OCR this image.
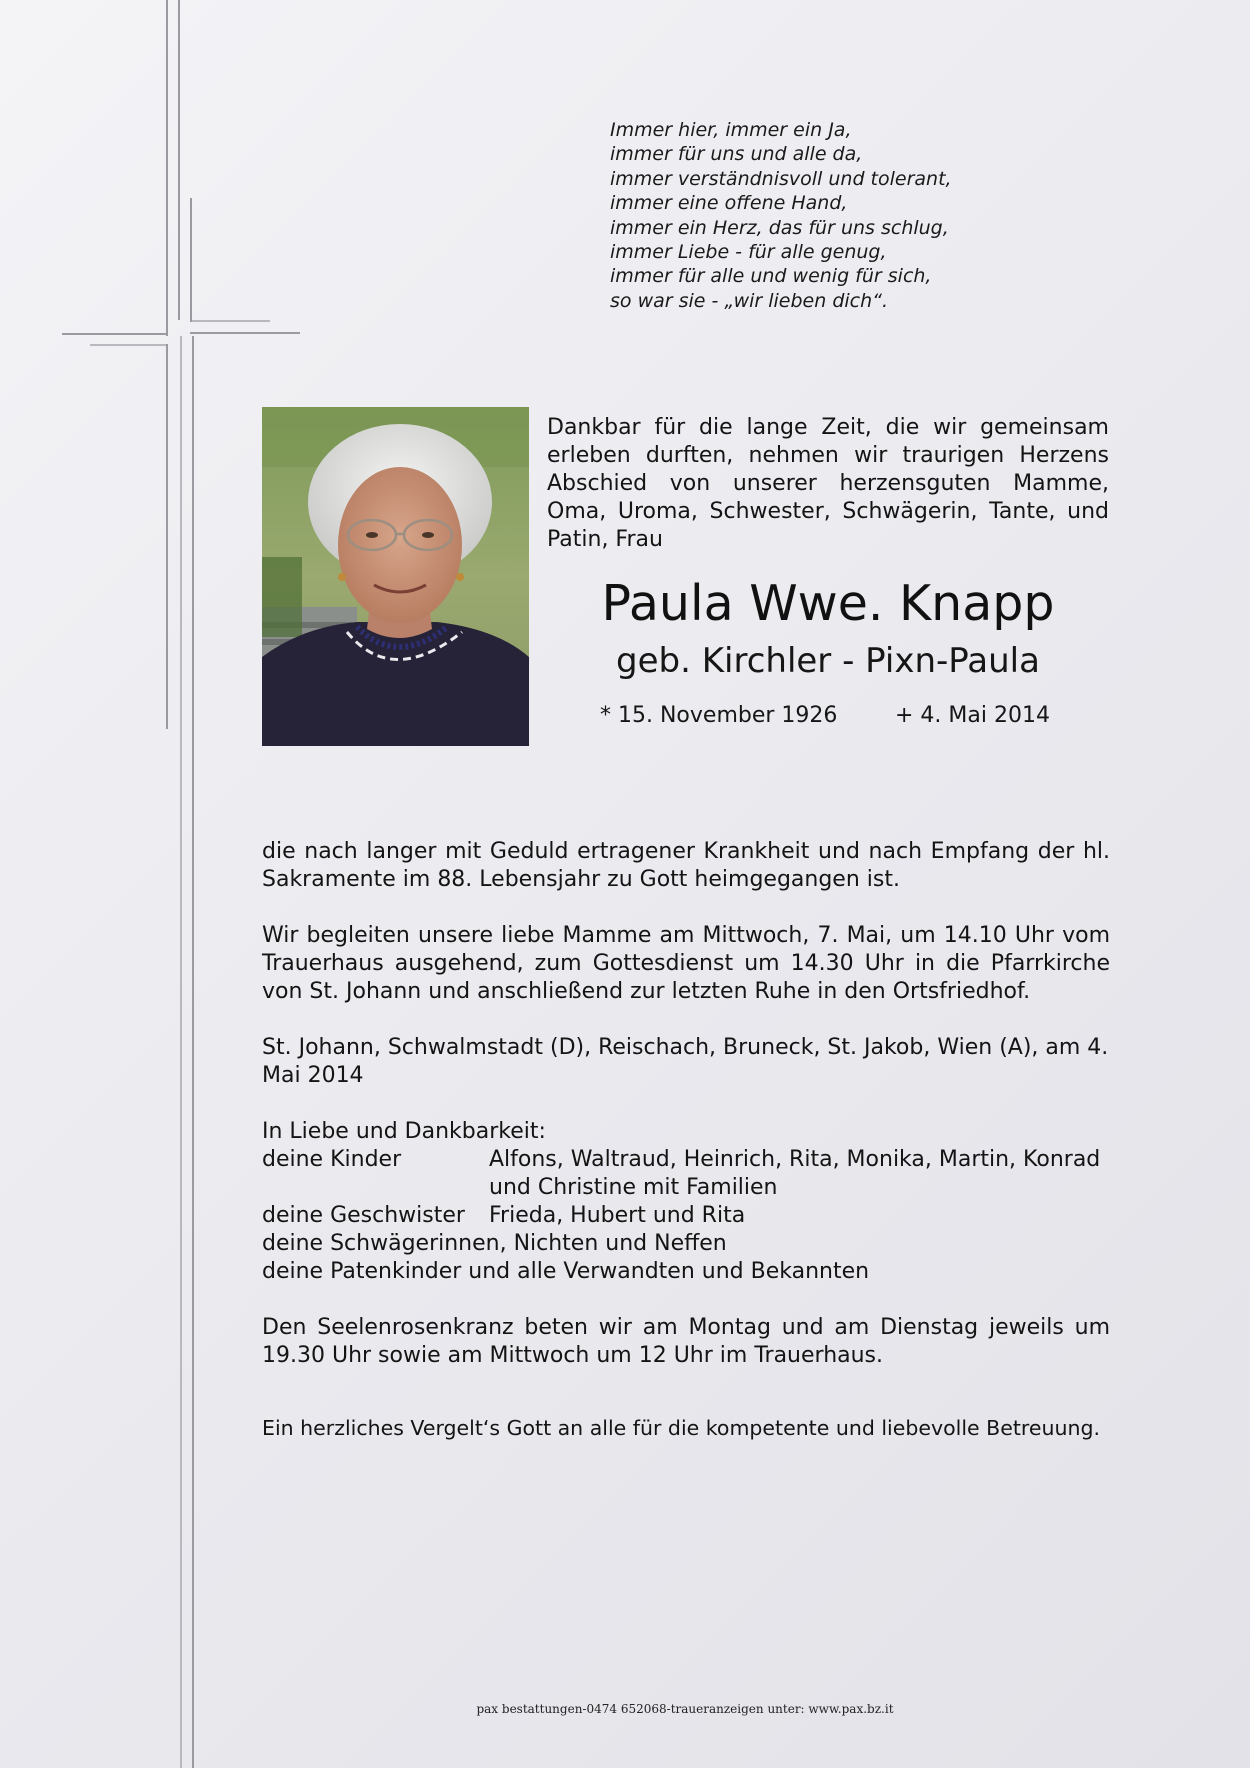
Immer hier, immer ein Ja,
immer für uns und alle da,
immer verständnisvoll und tolerant,
immer eine offene Hand,
immer ein Herz, das für uns schlug,
immer Liebe - für alle genug,
immer für alle und wenig für sich,
so war sie - „wir lieben dich“.
Dankbar für die lange Zeit, die wir gemeinsam erleben durften, nehmen wir traurigen Herzens Abschied von unserer herzensguten Mamme, Oma, Uroma, Schwester, Schwägerin, Tante, und Patin, Frau
Paula Wwe. Knapp
geb. Kirchler - Pixn-Paula
* 15. November 1926	+ 4. Mai 2014

die nach langer mit Geduld ertragener Krankheit und nach Empfang der hl. Sakramente im 88. Lebensjahr zu Gott heimgegangen ist.

Wir begleiten unsere liebe Mamme am Mittwoch, 7. Mai, um 14.10 Uhr vom Trauerhaus ausgehend, zum Gottesdienst um 14.30 Uhr in die Pfarrkirche von St. Johann und anschließend zur letzten Ruhe in den Ortsfriedhof.

St. Johann, Schwalmstadt (D), Reischach, Bruneck, St. Jakob, Wien (A), am 4. Mai 2014

In Liebe und Dankbarkeit:

deine Kinder	Alfons, Waltraud, Heinrich, Rita, Monika, Martin, Konrad und Christine mit Familien
deine Geschwister	Frieda, Hubert und Rita

deine Schwägerinnen, Nichten und Neffen

deine Patenkinder und alle Verwandten und Bekannten

Den Seelenrosenkranz beten wir am Montag und am Dienstag jeweils um 19.30 Uhr sowie am Mittwoch um 12 Uhr im Trauerhaus.

Ein herzliches Vergelt‘s Gott an alle für die kompetente und liebevolle Betreuung.
pax bestattungen-0474 652068-traueranzeigen unter: www.pax.bz.it
